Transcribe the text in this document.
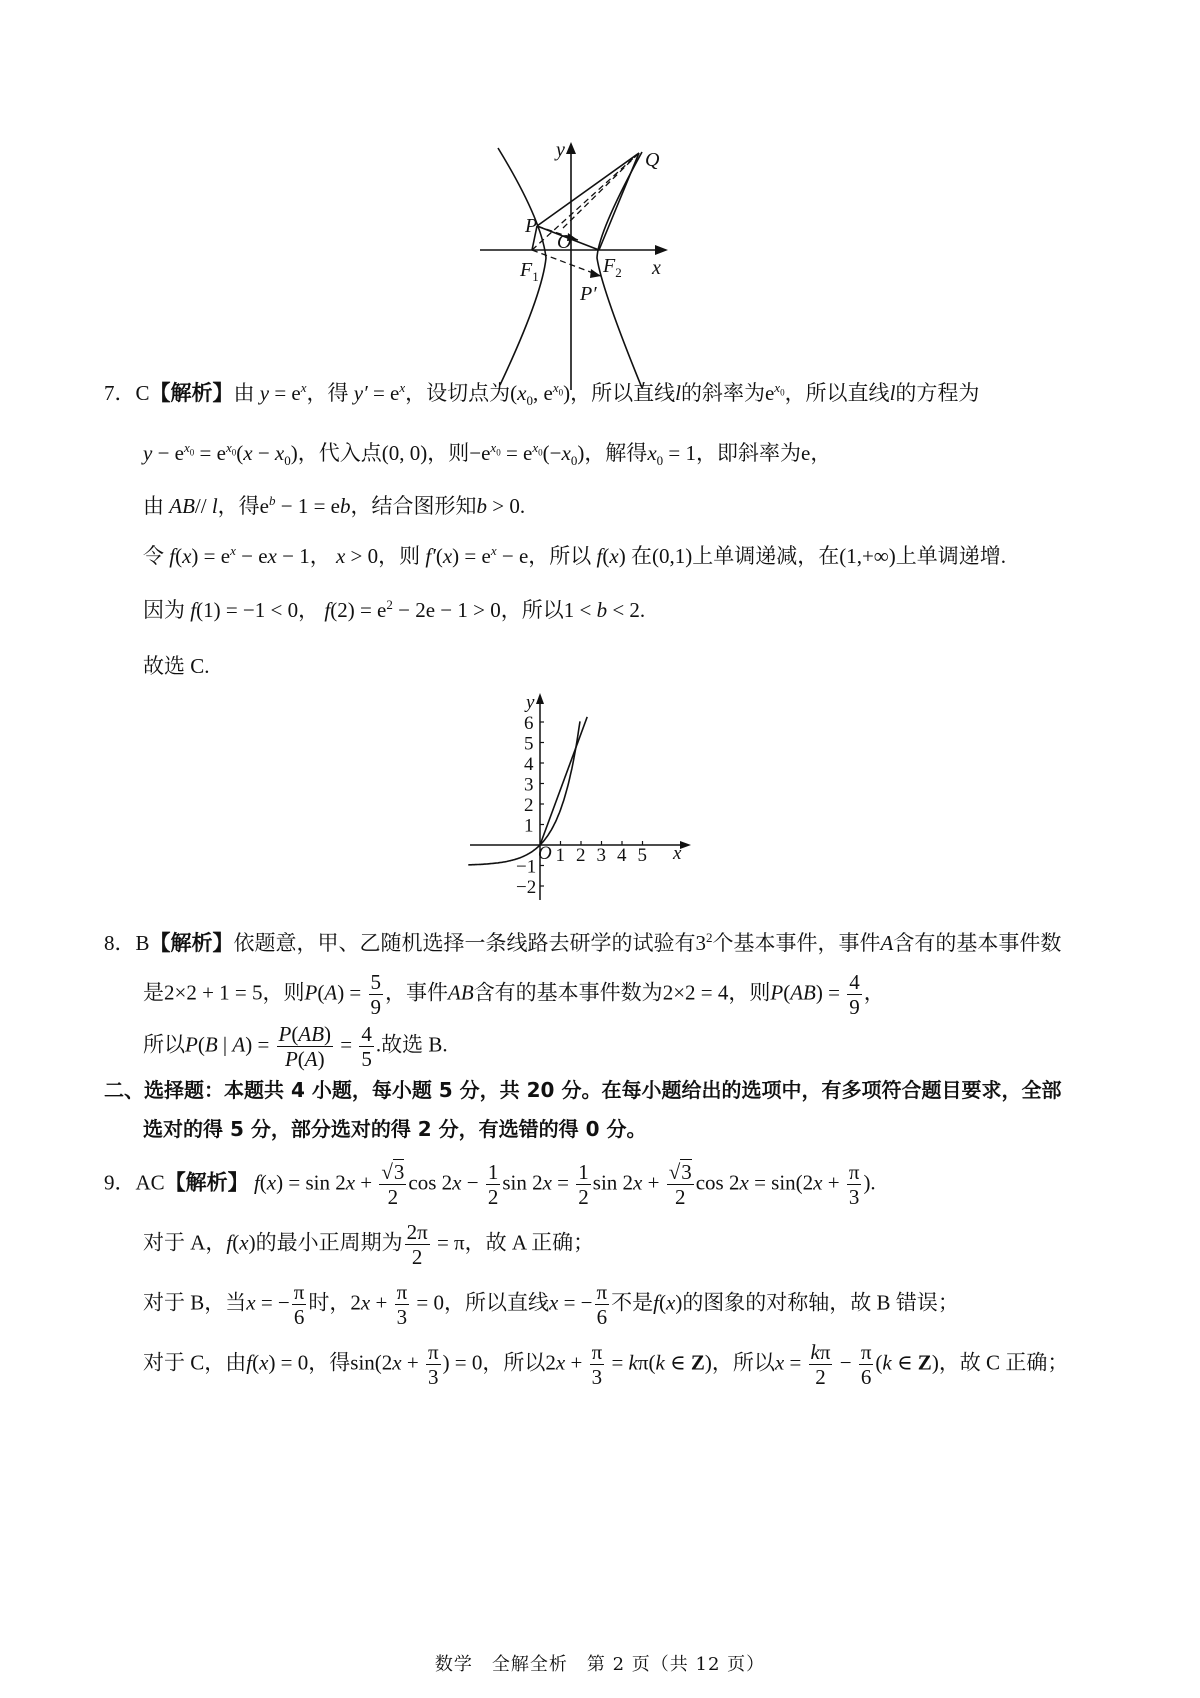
y
x
Q
P
O
$F_1$	$F_2$
P′
7．C【解析】由 $y = e^x$，得 $y' = e^x$，设切点为($x_0$, $e^{x_0}$)，所以直线l的斜率为$e^{x_0}$，所以直线l的方程为
$y - e^{x_0} = e^{x_0}(x - x_0)$，代入点(0, 0)，则$-e^{x_0} = e^{x_0}(-x_0)$，解得$x_0 = 1$，即斜率为e，
由 AB// l，得$e^b - 1$ = eb，结合图形知b > 0.
令 $f(x) = e^x$ − ex − 1， x > 0，则 $f'(x) = e^x - e$，所以 f(x) 在(0,1)上单调递减，在(1,+∞)上单调递增.
因为 f(1) = −1 < 0， $f(2) = e^2 - 2e - 1 > 0$，所以1 < b < 2.
故选 C.
x
y
O 1 2 3 4 5
6
5
4
3
2
1
−1
−2
8．B【解析】依题意，甲、乙随机选择一条线路去研学的试验有$3^2$个基本事件，事件A含有的基本事件数
是2×2 + 1 = 5，则$P(A) = \frac{5}{9}$ ，事件AB含有的基本事件数为2×2 = 4，则$P(AB) = \frac{4}{9}$ ，
所以P(B | $A) = \frac{P(AB)}{P(A)} = \frac{4}{5}$ .故选 B.
二、选择题：本题共 4 小题，每小题 5 分，共 20 分。在每小题给出的选项中，有多项符合题目要求，全部
选对的得 5 分，部分选对的得 2 分，有选错的得 0 分。
9．AC【解析】 $f(x) = \sin 2x + \frac{√3}{2}$ $\cos 2x - \frac{1}{2}$ $\sin 2x = \frac{1}{2}$ $\sin 2x + \frac{√3}{2}$ $\cos 2x = \sin(2x + \frac{\pi}{3}$ ).
对于 A，f(x)的最小正周期为 $\frac{2\pi}{2} = \pi$，故 A 正确；
对于 B，当x = − $\frac{\pi}{6}$ 时，$2x + \frac{\pi}{3} = 0$，所以直线x = − $\frac{\pi}{6}$ 不是f(x)的图象的对称轴，故 B 错误；
对于 C，由f(x) = 0，得$\sin(2x + \frac{\pi}{3}$ ) = 0，所以$2x + \frac{\pi}{3} = k\pi(k$ ∈ Z)，所以$x = \frac{k\pi}{2} - \frac{\pi}{6} (k$ ∈ Z)，故 C 正确；
数学　全解全析　第 2 页（共 12 页）
